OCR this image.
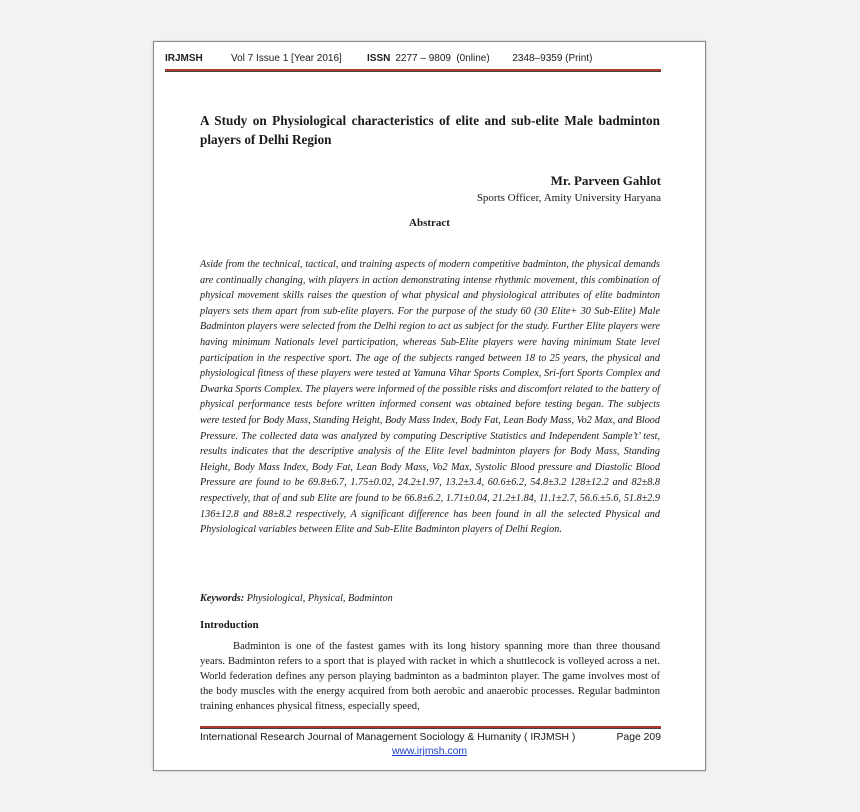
IRJMSH	Vol 7 Issue 1 [Year 2016]	ISSN 2277 – 9809 (0nline)	2348–9359 (Print)
A Study on Physiological characteristics of elite and sub-elite Male badminton players of Delhi Region
Mr. Parveen Gahlot
Sports Officer, Amity University Haryana
Abstract

Aside from the technical, tactical, and training aspects of modern competitive badminton, the physical demands are continually changing, with players in action demonstrating intense rhythmic movement, this combination of physical movement skills raises the question of what physical and physiological attributes of elite badminton players sets them apart from sub-elite players. For the purpose of the study 60 (30 Elite+ 30 Sub-Elite) Male Badminton players were selected from the Delhi region to act as subject for the study. Further Elite players were having minimum Nationals level participation, whereas Sub-Elite players were having minimum State level participation in the respective sport. The age of the subjects ranged between 18 to 25 years, the physical and physiological fitness of these players were tested at Yamuna Vihar Sports Complex, Sri-fort Sports Complex and Dwarka Sports Complex. The players were informed of the possible risks and discomfort related to the battery of physical performance tests before written informed consent was obtained before testing began. The subjects were tested for Body Mass, Standing Height, Body Mass Index, Body Fat, Lean Body Mass, Vo2 Max, and Blood Pressure. The collected data was analyzed by computing Descriptive Statistics and Independent Sample’t’ test, results indicates that the descriptive analysis of the Elite level badminton players for Body Mass, Standing Height, Body Mass Index, Body Fat, Lean Body Mass, Vo2 Max, Systolic Blood pressure and Diastolic Blood Pressure are found to be 69.8±6.7, 1.75±0.02, 24.2±1.97, 13.2±3.4, 60.6±6.2, 54.8±3.2 128±12.2 and 82±8.8 respectively, that of and sub Elite are found to be 66.8±6.2, 1.71±0.04, 21.2±1.84, 11.1±2.7, 56.6.±5.6, 51.8±2.9 136±12.8 and 88±8.2 respectively, A significant difference has been found in all the selected Physical and Physiological variables between Elite and Sub-Elite Badminton players of Delhi Region.

Keywords: Physiological, Physical, Badminton
Introduction

Badminton is one of the fastest games with its long history spanning more than three thousand years. Badminton refers to a sport that is played with racket in which a shuttlecock is volleyed across a net. World federation defines any person playing badminton as a badminton player. The game involves most of the body muscles with the energy acquired from both aerobic and anaerobic processes. Regular badminton training enhances physical fitness, especially speed,

International Research Journal of Management Sociology & Humanity ( IRJMSH )	Page 209
www.irjmsh.com
